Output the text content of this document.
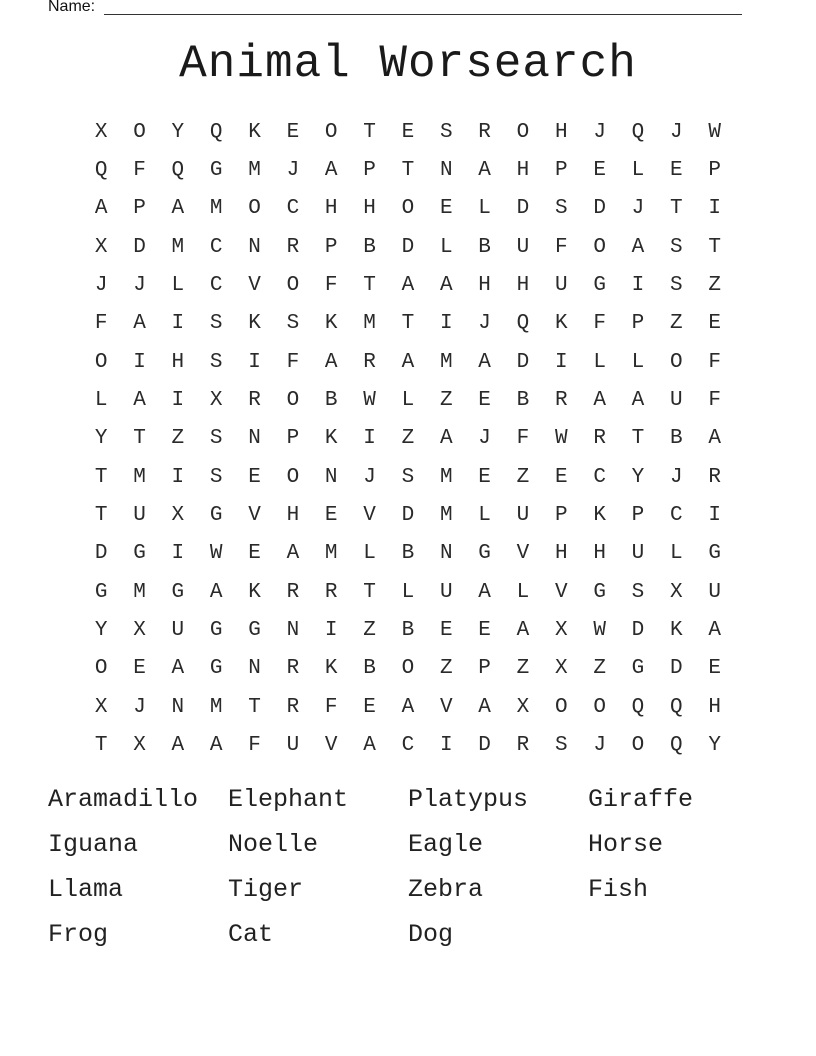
Name:
Animal Worsearch
X	O	Y	Q	K	E	O	T	E	S	R	O	H	J	Q	J	W
Q	F	Q	G	M	J	A	P	T	N	A	H	P	E	L	E	P
A	P	A	M	O	C	H	H	O	E	L	D	S	D	J	T	I
X	D	M	C	N	R	P	B	D	L	B	U	F	O	A	S	T
J	J	L	C	V	O	F	T	A	A	H	H	U	G	I	S	Z
F	A	I	S	K	S	K	M	T	I	J	Q	K	F	P	Z	E
O	I	H	S	I	F	A	R	A	M	A	D	I	L	L	O	F
L	A	I	X	R	O	B	W	L	Z	E	B	R	A	A	U	F
Y	T	Z	S	N	P	K	I	Z	A	J	F	W	R	T	B	A
T	M	I	S	E	O	N	J	S	M	E	Z	E	C	Y	J	R
T	U	X	G	V	H	E	V	D	M	L	U	P	K	P	C	I
D	G	I	W	E	A	M	L	B	N	G	V	H	H	U	L	G
G	M	G	A	K	R	R	T	L	U	A	L	V	G	S	X	U
Y	X	U	G	G	N	I	Z	B	E	E	A	X	W	D	K	A
O	E	A	G	N	R	K	B	O	Z	P	Z	X	Z	G	D	E
X	J	N	M	T	R	F	E	A	V	A	X	O	O	Q	Q	H
T	X	A	A	F	U	V	A	C	I	D	R	S	J	O	Q	Y
Aramadillo	Elephant	Platypus	Giraffe
Iguana	Noelle	Eagle	Horse
Llama	Tiger	Zebra	Fish
Frog	Cat	Dog
